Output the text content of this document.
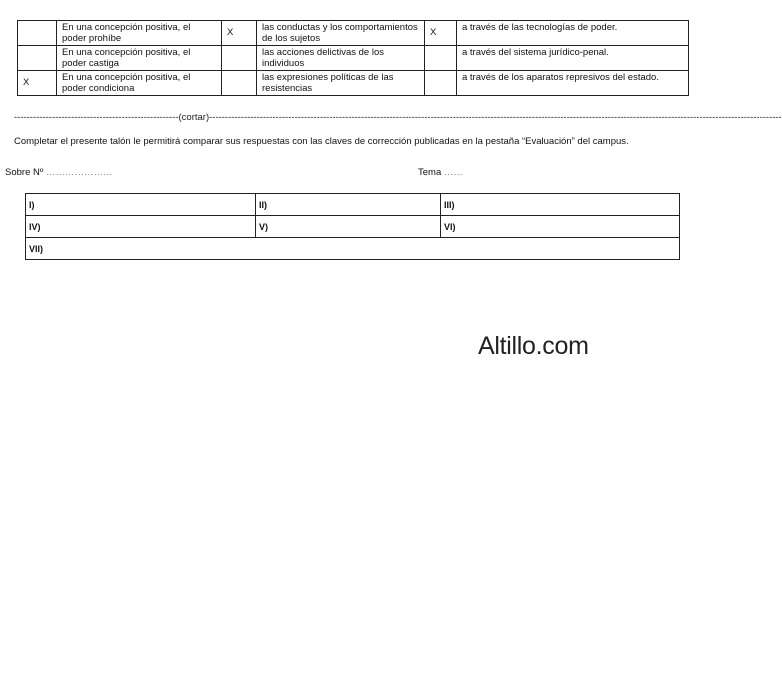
	En una concepción positiva, el poder prohíbe	X	las conductas y los comportamientos de los sujetos	X	a través de las tecnologías de poder.
	En una concepción positiva, el poder castiga		las acciones delictivas de los individuos		a través del sistema jurídico-penal.
X	En una concepción positiva, el poder condiciona		las expresiones políticas de las resistencias		a través de los aparatos represivos del estado.
----------------------------------------------------(cortar)-------------------------------------------------------------------------------------------------------------------------------------------------------------------------------------
Completar el presente talón le permitirá comparar sus respuestas con las claves de corrección publicadas en la pestaña “Evaluación” del campus.
Sobre Nº …………………	Tema ……
I)	II)	III)
IV)	V)	VI)
VII)		
Altillo.com
